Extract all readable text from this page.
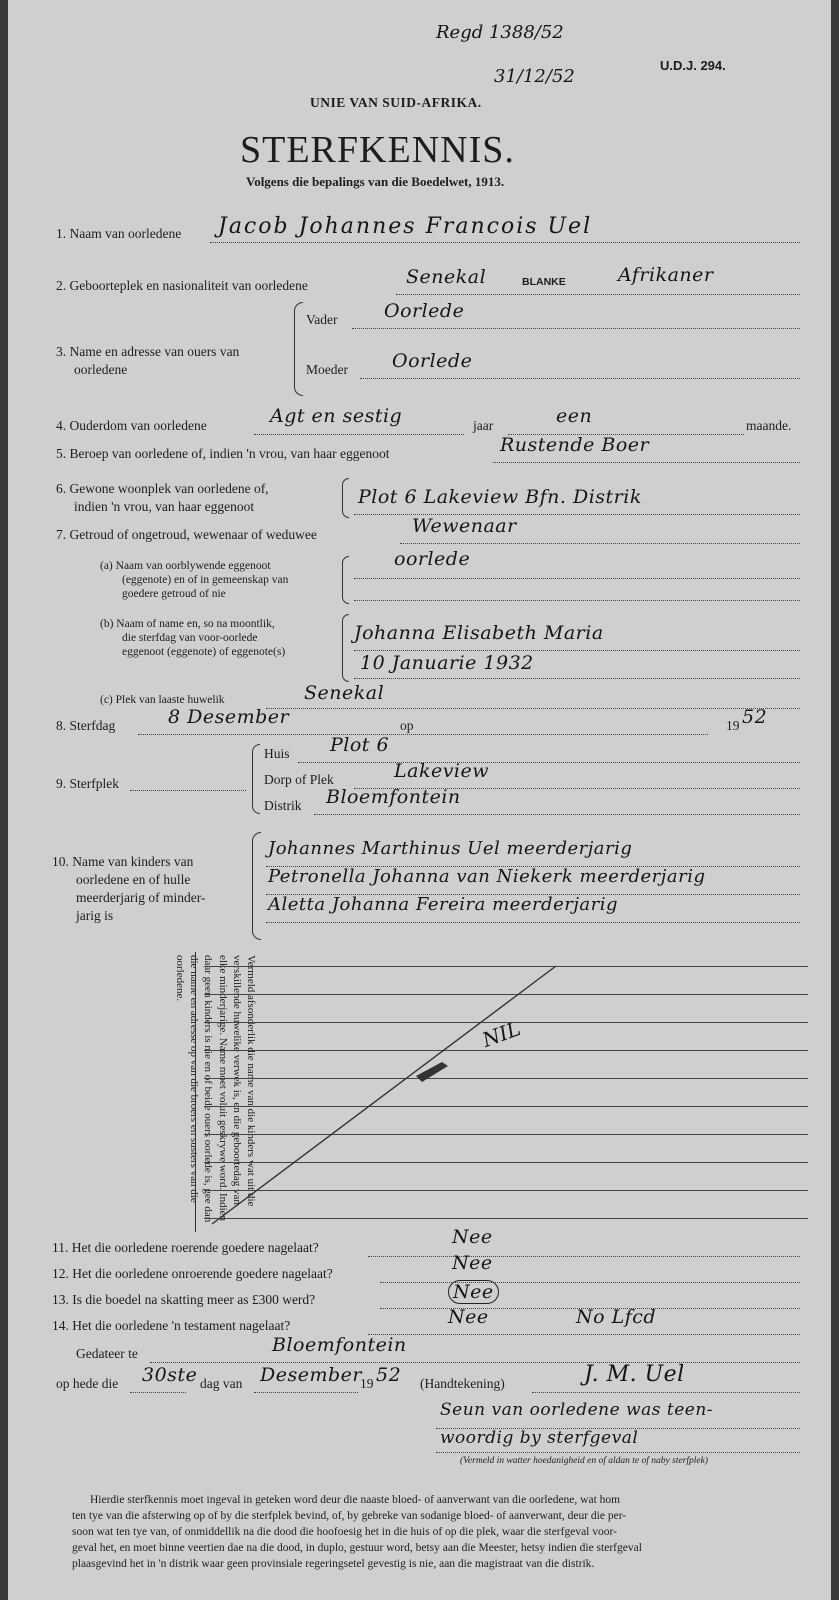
Regd 1388/52
31/12/52
U.D.J. 294.
UNIE VAN SUID-AFRIKA.
STERFKENNIS.
Volgens die bepalings van die Boedelwet, 1913.
1. Naam van oorledene Jacob Johannes Francois Uel
2. Geboorteplek en nasionaliteit van oorledene	Senekal	BLANKE	Afrikaner
3. Name en adresse van ouers van
oorledene
Vader Oorlede
Moeder Oorlede
4. Ouderdom van oorledene	Agt en sestig	jaar	een	maande.
5. Beroep van oorledene of, indien 'n vrou, van haar eggenoot	Rustende Boer
6. Gewone woonplek van oorledene of,
indien 'n vrou, van haar eggenoot	Plot 6 Lakeview Bfn. Distrik
7. Getroud of ongetroud, wewenaar of weduwee	Wewenaar
(a) Naam van oorblywende eggenoot
(eggenote) en of in gemeenskap van
goedere getroud of nie
oorlede
(b) Naam of name en, so na moontlik,
die sterfdag van voor-oorlede
eggenoot (eggenote) of eggenote(s)
Johanna Elisabeth Maria
10 Januarie 1932
(c) Plek van laaste huwelik	Senekal
8. Sterfdag	8 Desember	op	19 52
9. Sterfplek
Huis Plot 6
Dorp of Plek	Lakeview
Distrik Bloemfontein
10. Name van kinders van
oorledene en of hulle
meerderjarig of minder-
jarig is
Johannes Marthinus Uel meerderjarig
Petronella Johanna van Niekerk meerderjarig
Aletta Johanna Fereira meerderjarig
Vermeld afsonderlik die name van die kinders wat uit die verskillende huwelike verwek is, en die geboortedag van elke minderjarige. Name moet voluit geskrywe word. Indien daar geen kinders is nie en of beide ouers oorlede is, gee dan die name en adresse op van die broers en susters van die oorledene.
NIL
11. Het die oorledene roerende goedere nagelaat?	Nee
12. Het die oorledene onroerende goedere nagelaat?	Nee
13. Is die boedel na skatting meer as £300 werd?	Nee
14. Het die oorledene 'n testament nagelaat?	Nee	No Lfcd
Gedateer te	Bloemfontein
op hede die 30ste dag van Desember
19 52 (Handtekening)	J. M. Uel
Seun van oorledene was teen-
woordig by sterfgeval
(Vermeld in watter hoedanigheid en of aldan te of naby sterfplek)
Hierdie sterfkennis moet ingeval in geteken word deur die naaste bloed- of aanverwant van die oorledene, wat hom
ten tye van die afsterwing op of by die sterfplek bevind, of, by gebreke van sodanige bloed- of aanverwant, deur die per-
soon wat ten tye van, of onmiddellik na die dood die hoofoesig het in die huis of op die plek, waar die sterfgeval voor-
geval het, en moet binne veertien dae na die dood, in duplo, gestuur word, betsy aan die Meester, hetsy indien die sterfgeval
plaasgevind het in 'n distrik waar geen provinsiale regeringsetel gevestig is nie, aan die magistraat van die distrik.
